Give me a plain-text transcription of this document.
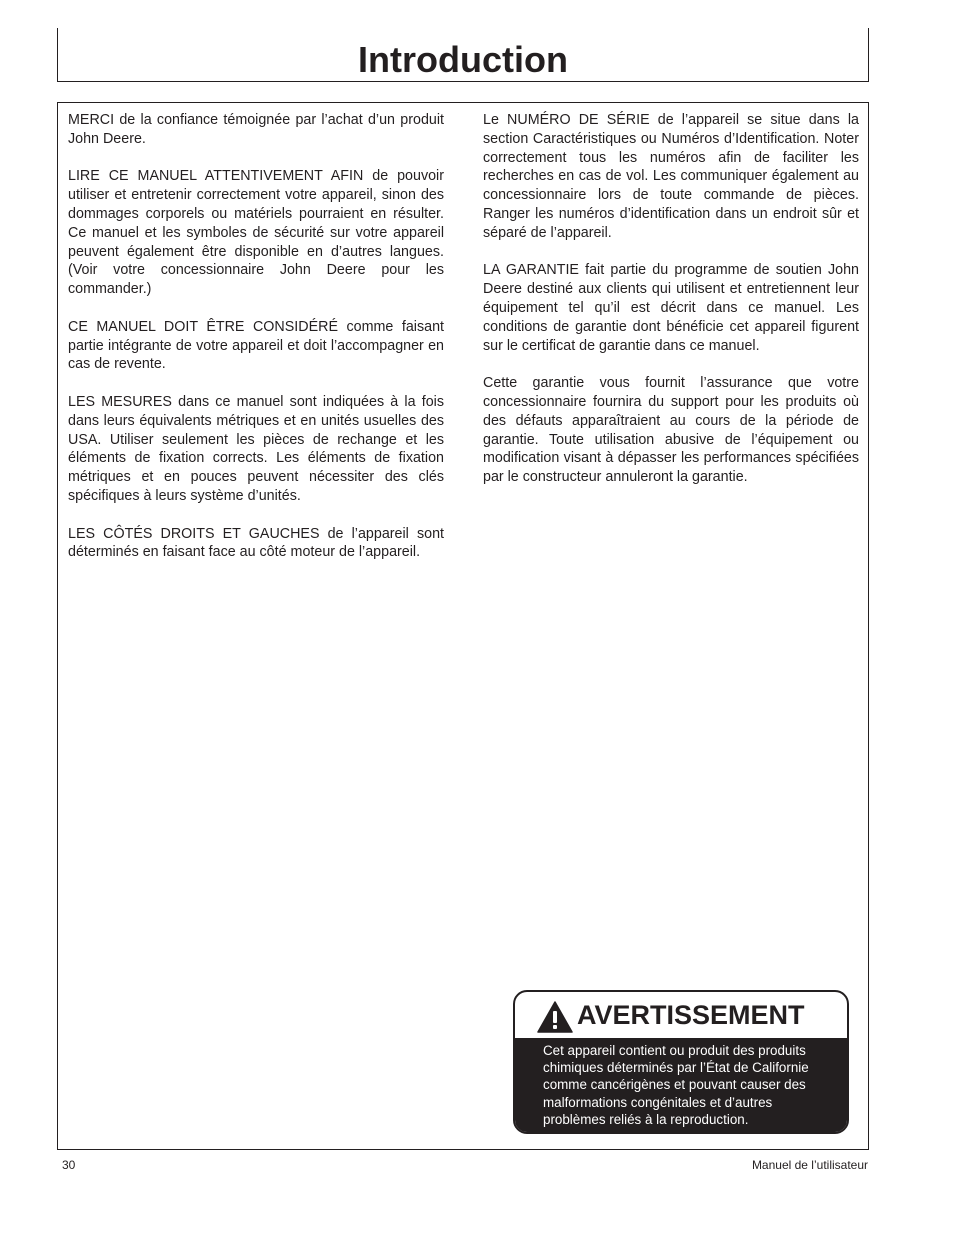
Introduction

MERCI de la confiance témoignée par l’achat d’un produit John Deere.

LIRE CE MANUEL ATTENTIVEMENT AFIN de pouvoir utiliser et entretenir correctement votre appareil, sinon des dommages corporels ou matériels pourraient en résulter. Ce manuel et les symboles de sécurité sur votre appareil peuvent également être disponible en d’autres langues. (Voir votre concessionnaire John Deere pour les commander.)

CE MANUEL DOIT ÊTRE CONSIDÉRÉ comme faisant partie intégrante de votre appareil et doit l’accompagner en cas de revente.

LES MESURES dans ce manuel sont indiquées à la fois dans leurs équivalents métriques et en unités usuelles des USA. Utiliser seulement les pièces de rechange et les éléments de fixation corrects. Les éléments de fixation métriques et en pouces peuvent nécessiter des clés spécifiques à leurs système d’unités.

LES CÔTÉS DROITS ET GAUCHES de l’appareil sont déterminés en faisant face au côté moteur de l’appareil.

Le NUMÉRO DE SÉRIE de l’appareil se situe dans la section Caractéristiques ou Numéros d’Identification. Noter correctement tous les numéros afin de faciliter les recherches en cas de vol. Les communiquer également au concessionnaire lors de toute commande de pièces. Ranger les numéros d’identification dans un endroit sûr et séparé de l’appareil.

LA GARANTIE fait partie du programme de soutien John Deere destiné aux clients qui utilisent et entretiennent leur équipement tel qu’il est décrit dans ce manuel. Les conditions de garantie dont bénéficie cet appareil figurent sur le certificat de garantie dans ce manuel.

Cette garantie vous fournit l’assurance que votre concessionnaire fournira du support pour les produits où des défauts apparaîtraient au cours de la période de garantie. Toute utilisation abusive de l’équipement ou modification visant à dépasser les performances spécifiées par le constructeur annuleront la garantie.

AVERTISSEMENT
Cet appareil contient ou produit des produits
chimiques déterminés par l’État de Californie
comme cancérigènes et pouvant causer des
malformations congénitales et d’autres
problèmes reliés à la reproduction.
30	Manuel de l’utilisateur
